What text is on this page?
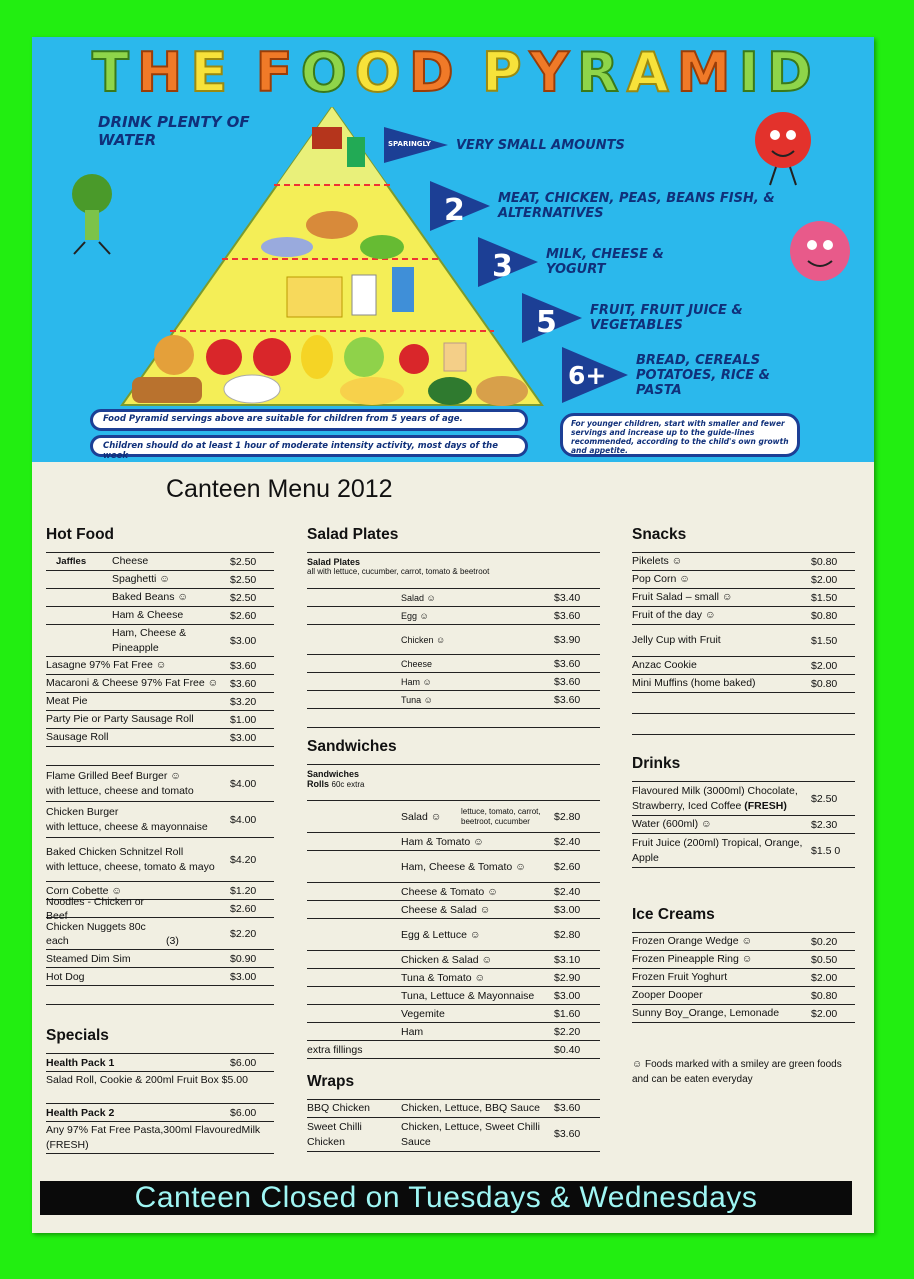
T H E F O O D P Y R A M I D
DRINK PLENTY OF WATER	SPARINGLY VERY SMALL AMOUNTS
2	MEAT, CHICKEN, PEAS, BEANS FISH, & ALTERNATIVES
3	MILK, CHEESE & YOGURT
5	FRUIT, FRUIT JUICE & VEGETABLES
6+
BREAD, CEREALS POTATOES, RICE & PASTA
Food Pyramid servings above are suitable for children from 5 years of age.
Children should do at least 1 hour of moderate intensity activity, most days of the week
For younger children, start with smaller and fewer servings and increase up to the guide-lines recommended, according to the child's own growth and appetite.
Canteen Menu 2012
Hot Food
Jaffles	Cheese	$2.50
Spaghetti ☺	$2.50
Baked Beans ☺	$2.50
Ham & Cheese	$2.60
Ham, Cheese & Pineapple
$3.00
Lasagne 97% Fat Free ☺	$3.60
Macaroni & Cheese 97% Fat Free ☺	$3.60
Meat Pie	$3.20
Party Pie or Party Sausage Roll	$1.00
Sausage Roll	$3.00
Flame Grilled Beef Burger ☺
with lettuce, cheese and tomato
$4.00
Chicken Burger
with lettuce, cheese & mayonnaise
$4.00
Baked Chicken Schnitzel Roll
with lettuce, cheese, tomato & mayo
$4.20
Corn Cobette ☺	$1.20
Noodles - Chicken or Beef
$2.60
Chicken Nuggets 80c each	(3)
$2.20
Steamed Dim Sim	$0.90
Hot Dog	$3.00
Specials
Health Pack 1	$6.00
Salad Roll, Cookie & 200ml Fruit Box $5.00
Health Pack 2	$6.00
Any 97% Fat Free Pasta,300ml FlavouredMilk (FRESH)
Salad Plates
Salad Plates
all with lettuce, cucumber, carrot, tomato & beetroot
Salad ☺	$3.40
Egg ☺	$3.60
Chicken ☺	$3.90
Cheese	$3.60
Ham ☺	$3.60
Tuna ☺	$3.60
Sandwiches
Sandwiches
Rolls 60c extra
Salad ☺	lettuce, tomato, carrot, beetroot, cucumber	$2.80
Ham & Tomato ☺	$2.40
Ham, Cheese & Tomato ☺	$2.60
Cheese & Tomato ☺	$2.40
Cheese & Salad ☺	$3.00
Egg & Lettuce ☺	$2.80
Chicken & Salad ☺	$3.10
Tuna & Tomato ☺	$2.90
Tuna, Lettuce & Mayonnaise	$3.00
Vegemite	$1.60
Ham	$2.20
extra fillings	$0.40
Wraps
BBQ Chicken	Chicken, Lettuce, BBQ Sauce $3.60
Sweet Chilli Chicken
Chicken, Lettuce, Sweet Chilli Sauce
$3.60
Snacks
Pikelets ☺	$0.80
Pop Corn ☺	$2.00
Fruit Salad – small ☺	$1.50
Fruit of the day ☺	$0.80
Jelly Cup with Fruit	$1.50
Anzac Cookie	$2.00
Mini Muffins (home baked)	$0.80
Drinks
Flavoured Milk (3000ml) Chocolate, Strawberry, Iced Coffee (FRESH)
$2.50
Water (600ml) ☺	$2.30
Fruit Juice (200ml) Tropical, Orange, Apple
$1.5 0
Ice Creams
Frozen Orange Wedge ☺	$0.20
Frozen Pineapple Ring ☺	$0.50
Frozen Fruit Yoghurt	$2.00
Zooper Dooper	$0.80
Sunny Boy_Orange, Lemonade	$2.00
☺ Foods marked with a smiley are green foods and can be eaten everyday
Canteen Closed on Tuesdays & Wednesdays
